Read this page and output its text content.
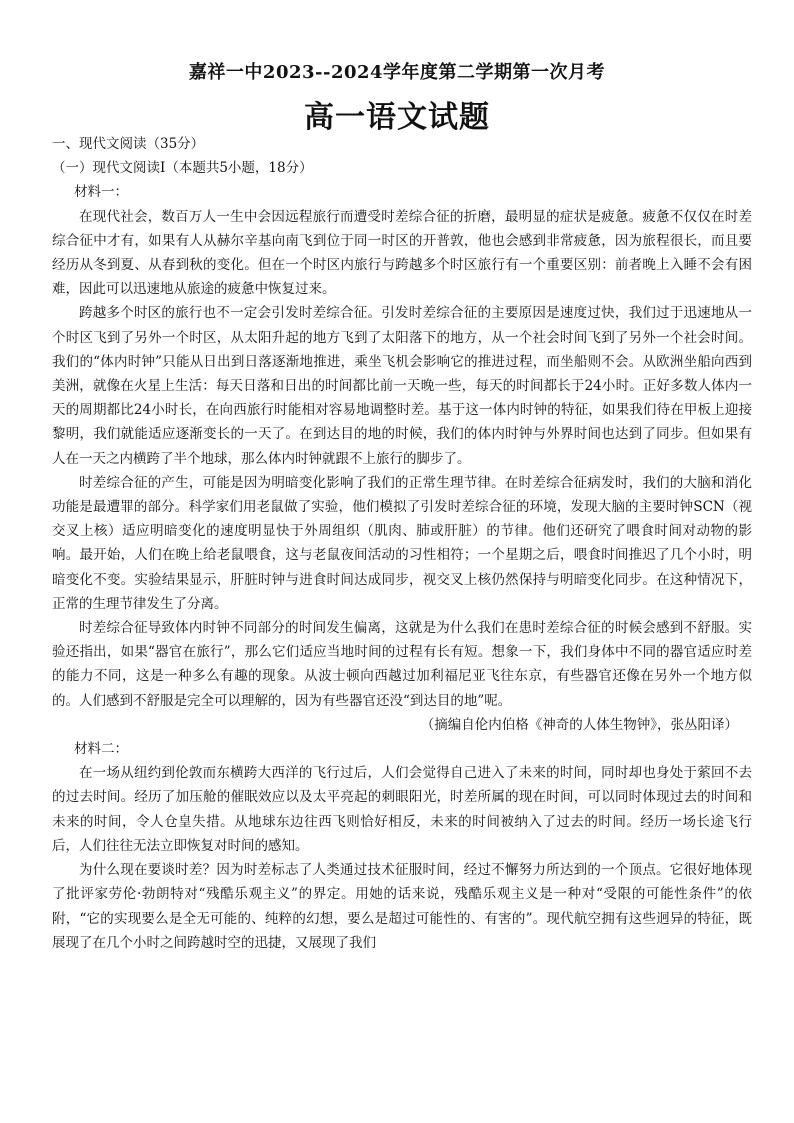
嘉祥一中2023--2024学年度第二学期第一次月考
高一语文试题

一、现代文阅读（35分）

（一）现代文阅读Ⅰ（本题共5小题，18分）

材料一：

在现代社会，数百万人一生中会因远程旅行而遭受时差综合征的折磨，最明显的症状是疲惫。疲惫不仅仅在时差综合征中才有，如果有人从赫尔辛基向南飞到位于同一时区的开普敦，他也会感到非常疲惫，因为旅程很长，而且要经历从冬到夏、从春到秋的变化。但在一个时区内旅行与跨越多个时区旅行有一个重要区别：前者晚上入睡不会有困难，因此可以迅速地从旅途的疲惫中恢复过来。

跨越多个时区的旅行也不一定会引发时差综合征。引发时差综合征的主要原因是速度过快，我们过于迅速地从一个时区飞到了另外一个时区，从太阳升起的地方飞到了太阳落下的地方，从一个社会时间飞到了另外一个社会时间。我们的“体内时钟”只能从日出到日落逐渐地推进，乘坐飞机会影响它的推进过程，而坐船则不会。从欧洲坐船向西到美洲，就像在火星上生活：每天日落和日出的时间都比前一天晚一些，每天的时间都长于24小时。正好多数人体内一天的周期都比24小时长，在向西旅行时能相对容易地调整时差。基于这一体内时钟的特征，如果我们待在甲板上迎接黎明，我们就能适应逐渐变长的一天了。在到达目的地的时候，我们的体内时钟与外界时间也达到了同步。但如果有人在一天之内横跨了半个地球，那么体内时钟就跟不上旅行的脚步了。

时差综合征的产生，可能是因为明暗变化影响了我们的正常生理节律。在时差综合征病发时，我们的大脑和消化功能是最遭罪的部分。科学家们用老鼠做了实验，他们模拟了引发时差综合征的环境，发现大脑的主要时钟SCN（视交叉上核）适应明暗变化的速度明显快于外周组织（肌肉、肺或肝脏）的节律。他们还研究了喂食时间对动物的影响。最开始，人们在晚上给老鼠喂食，这与老鼠夜间活动的习性相符；一个星期之后，喂食时间推迟了几个小时，明暗变化不变。实验结果显示，肝脏时钟与进食时间达成同步，视交叉上核仍然保持与明暗变化同步。在这种情况下，正常的生理节律发生了分离。

时差综合征导致体内时钟不同部分的时间发生偏离，这就是为什么我们在患时差综合征的时候会感到不舒服。实验还指出，如果“器官在旅行”，那么它们适应当地时间的过程有长有短。想象一下，我们身体中不同的器官适应时差的能力不同，这是一种多么有趣的现象。从波士顿向西越过加利福尼亚飞往东京，有些器官还像在另外一个地方似的。人们感到不舒服是完全可以理解的，因为有些器官还没“到达目的地”呢。

（摘编自伦内伯格《神奇的人体生物钟》，张丛阳译）

材料二：

在一场从纽约到伦敦而东横跨大西洋的飞行过后，人们会觉得自己进入了未来的时间，同时却也身处于萦回不去的过去时间。经历了加压舱的催眠效应以及太平亮起的刺眼阳光，时差所属的现在时间，可以同时体现过去的时间和未来的时间，令人仓皇失措。从地球东边往西飞则恰好相反，未来的时间被纳入了过去的时间。经历一场长途飞行后，人们往往无法立即恢复对时间的感知。

为什么现在要谈时差？因为时差标志了人类通过技术征服时间，经过不懈努力所达到的一个顶点。它很好地体现了批评家劳伦·勃朗特对“残酷乐观主义”的界定。用她的话来说，残酷乐观主义是一种对“受限的可能性条件”的依附，“它的实现要么是全无可能的、纯粹的幻想，要么是超过可能性的、有害的”。现代航空拥有这些迥异的特征，既展现了在几个小时之间跨越时空的迅捷，又展现了我们
